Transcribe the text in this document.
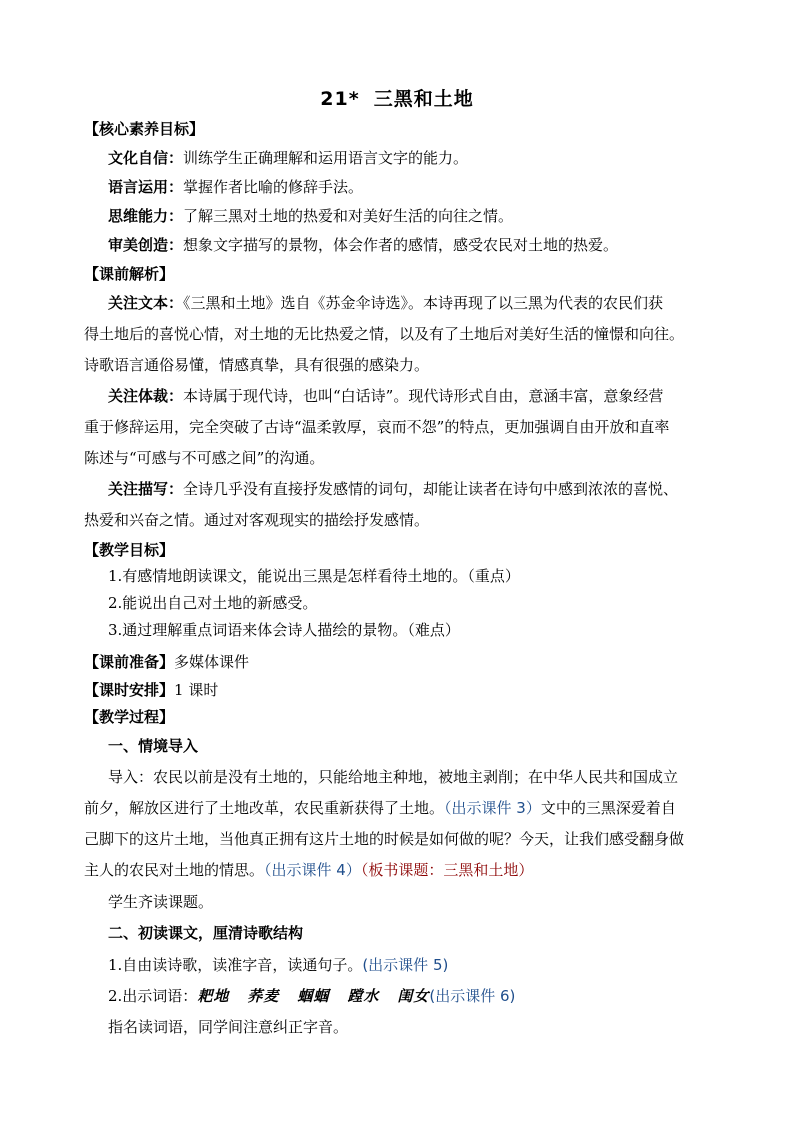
21* 三黑和土地
【核心素养目标】
文化自信：训练学生正确理解和运用语言文字的能力。
语言运用：掌握作者比喻的修辞手法。
思维能力：了解三黑对土地的热爱和对美好生活的向往之情。
审美创造：想象文字描写的景物，体会作者的感情，感受农民对土地的热爱。
【课前解析】
关注文本：《三黑和土地》选自《苏金伞诗选》。本诗再现了以三黑为代表的农民们获
得土地后的喜悦心情，对土地的无比热爱之情，以及有了土地后对美好生活的憧憬和向往。
诗歌语言通俗易懂，情感真挚，具有很强的感染力。
关注体裁：本诗属于现代诗，也叫“白话诗”。现代诗形式自由，意涵丰富，意象经营
重于修辞运用，完全突破了古诗“温柔敦厚，哀而不怨”的特点，更加强调自由开放和直率
陈述与“可感与不可感之间”的沟通。
关注描写：全诗几乎没有直接抒发感情的词句，却能让读者在诗句中感到浓浓的喜悦、
热爱和兴奋之情。通过对客观现实的描绘抒发感情。
【教学目标】
1.有感情地朗读课文，能说出三黑是怎样看待土地的。（重点）
2.能说出自己对土地的新感受。
3.通过理解重点词语来体会诗人描绘的景物。（难点）
【课前准备】多媒体课件
【课时安排】1 课时
【教学过程】
一、情境导入
导入：农民以前是没有土地的，只能给地主种地，被地主剥削；在中华人民共和国成立
前夕，解放区进行了土地改革，农民重新获得了土地。（出示课件 3）文中的三黑深爱着自
己脚下的这片土地，当他真正拥有这片土地的时候是如何做的呢？今天，让我们感受翻身做
主人的农民对土地的情思。（出示课件 4）（板书课题：三黑和土地）
学生齐读课题。
二、初读课文，厘清诗歌结构
1.自由读诗歌，读准字音，读通句子。(出示课件 5)
2.出示词语：耙地 荞麦 蝈蝈 蹚水 闺女(出示课件 6)
指名读词语，同学间注意纠正字音。
